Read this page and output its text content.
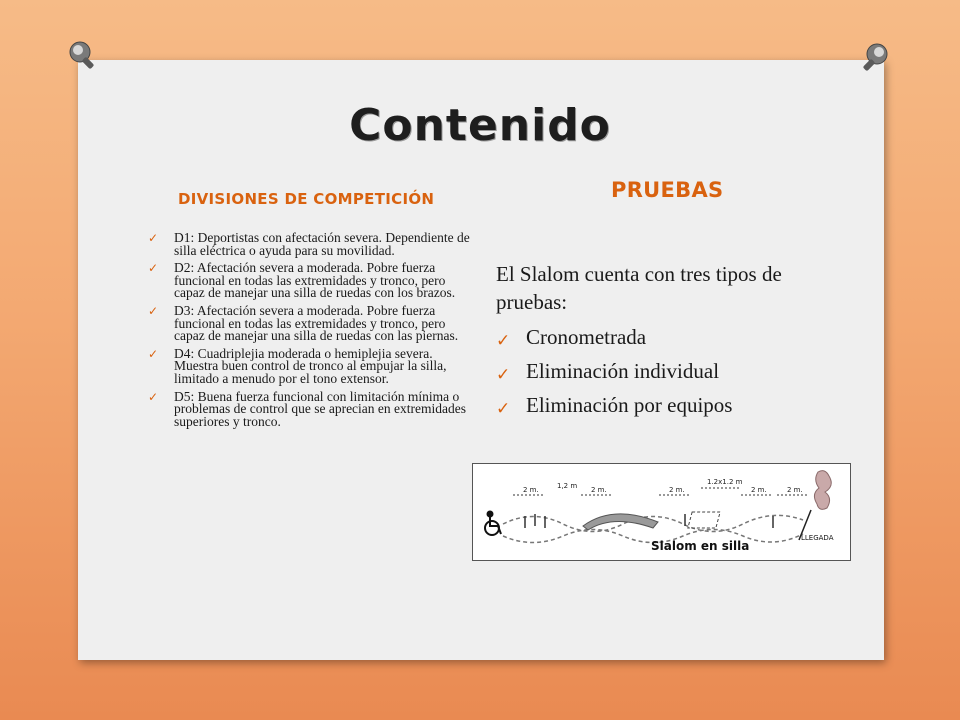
Contenido
DIVISIONES DE COMPETICIÓN	PRUEBAS
✓ D1: Deportistas con afectación severa. Dependiente de silla eléctrica o ayuda para su movilidad.
✓ D2: Afectación severa a moderada. Pobre fuerza funcional en todas las extremidades y tronco, pero capaz de manejar una silla de ruedas con los brazos.
✓ D3: Afectación severa a moderada. Pobre fuerza funcional en todas las extremidades y tronco, pero capaz de manejar una silla de ruedas con las piernas.
✓ D4: Cuadriplejia moderada o hemiplejia severa. Muestra buen control de tronco al empujar la silla, limitado a menudo por el tono extensor.
✓ D5: Buena fuerza funcional con limitación mínima o problemas de control que se aprecian en extremidades superiores y tronco.

El Slalom cuenta con tres tipos de pruebas:

✓ Cronometrada
✓ Eliminación individual
✓ Eliminación por equipos
2 m.	1,2 m 2 m.	2 m.
1.2x1.2 m
2 m.	2 m.
Slalom en silla
LLEGADA
